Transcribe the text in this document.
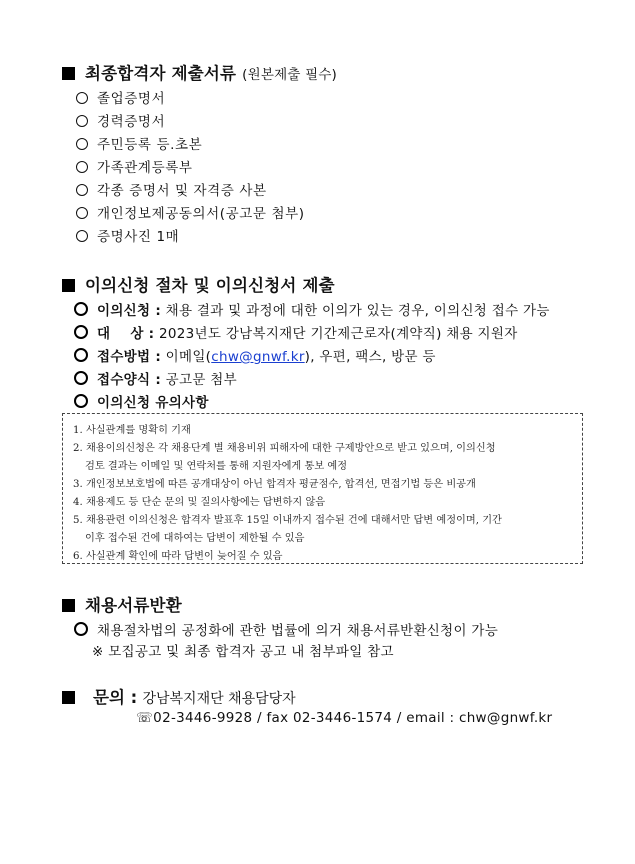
최종합격자 제출서류 (원본제출 필수)
졸업증명서
경력증명서
주민등록 등.초본
가족관계등록부
각종 증명서 및 자격증 사본
개인정보제공동의서(공고문 첨부)
증명사진 1매
이의신청 절차 및 이의신청서 제출
이의신청 : 채용 결과 및 과정에 대한 이의가 있는 경우, 이의신청 접수 가능
대    상 : 2023년도 강남복지재단 기간제근로자(계약직) 채용 지원자
접수방법 : 이메일(chw@gnwf.kr), 우편, 팩스, 방문 등
접수양식 : 공고문 첨부
이의신청 유의사항
1. 사실관계를 명확히 기재
2. 채용이의신청은 각 채용단계 별 채용비위 피해자에 대한 구제방안으로 받고 있으며, 이의신청
검토 결과는 이메일 및 연락처를 통해 지원자에게 통보 예정
3. 개인정보보호법에 따른 공개대상이 아닌 합격자 평균점수, 합격선, 면접기법 등은 비공개
4. 채용제도 등 단순 문의 및 질의사항에는 답변하지 않음
5. 채용관련 이의신청은 합격자 발표후 15일 이내까지 접수된 건에 대해서만 답변 예정이며, 기간
이후 접수된 건에 대하여는 답변이 제한될 수 있음
6. 사실관계 확인에 따라 답변이 늦어질 수 있음
채용서류반환
채용절차법의 공정화에 관한 법률에 의거 채용서류반환신청이 가능
※ 모집공고 및 최종 합격자 공고 내 첨부파일 참고
문의 : 강남복지재단 채용담당자
☏02-3446-9928 / fax 02-3446-1574 / email : chw@gnwf.kr
